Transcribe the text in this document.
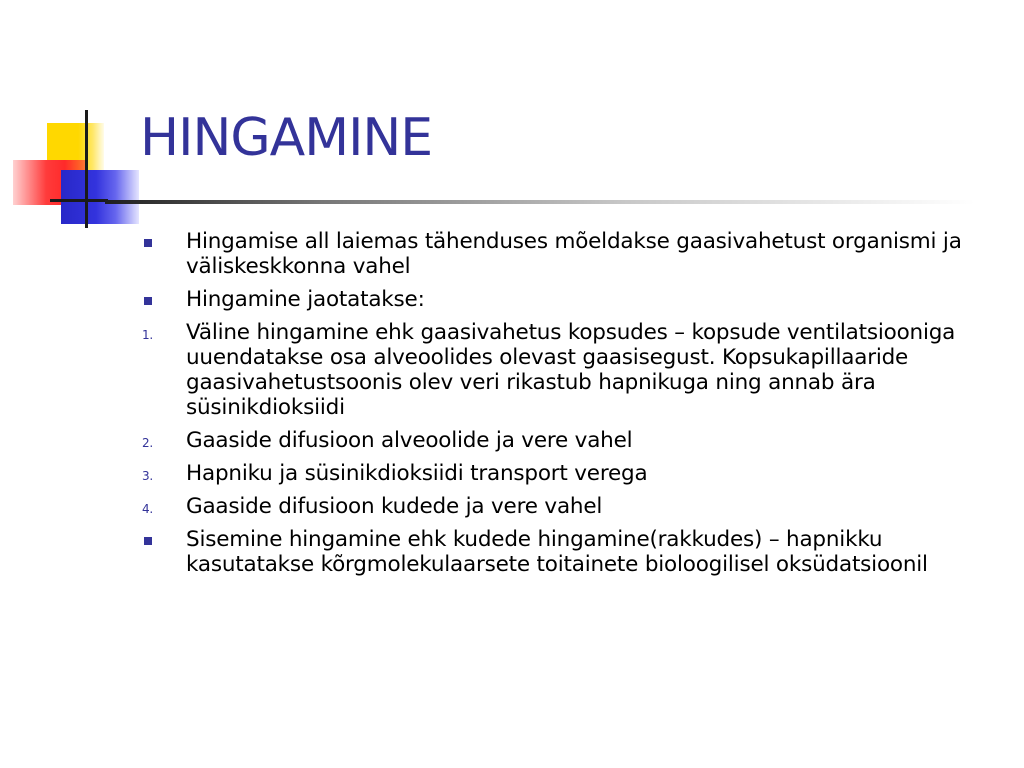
HINGAMINE
Hingamise all laiemas tähenduses mõeldakse gaasivahetust organismi ja väliskeskkonna vahel
Hingamine jaotatakse:
1. Väline hingamine ehk gaasivahetus kopsudes – kopsude ventilatsiooniga uuendatakse osa alveoolides olevast gaasisegust. Kopsukapillaaride gaasivahetustsoonis olev veri rikastub hapnikuga ning annab ära süsinikdioksiidi
2. Gaaside difusioon alveoolide ja vere vahel
3. Hapniku ja süsinikdioksiidi transport verega
4. Gaaside difusioon kudede ja vere vahel
Sisemine hingamine ehk kudede hingamine(rakkudes) – hapnikku kasutatakse kõrgmolekulaarsete toitainete bioloogilisel oksüdatsioonil
